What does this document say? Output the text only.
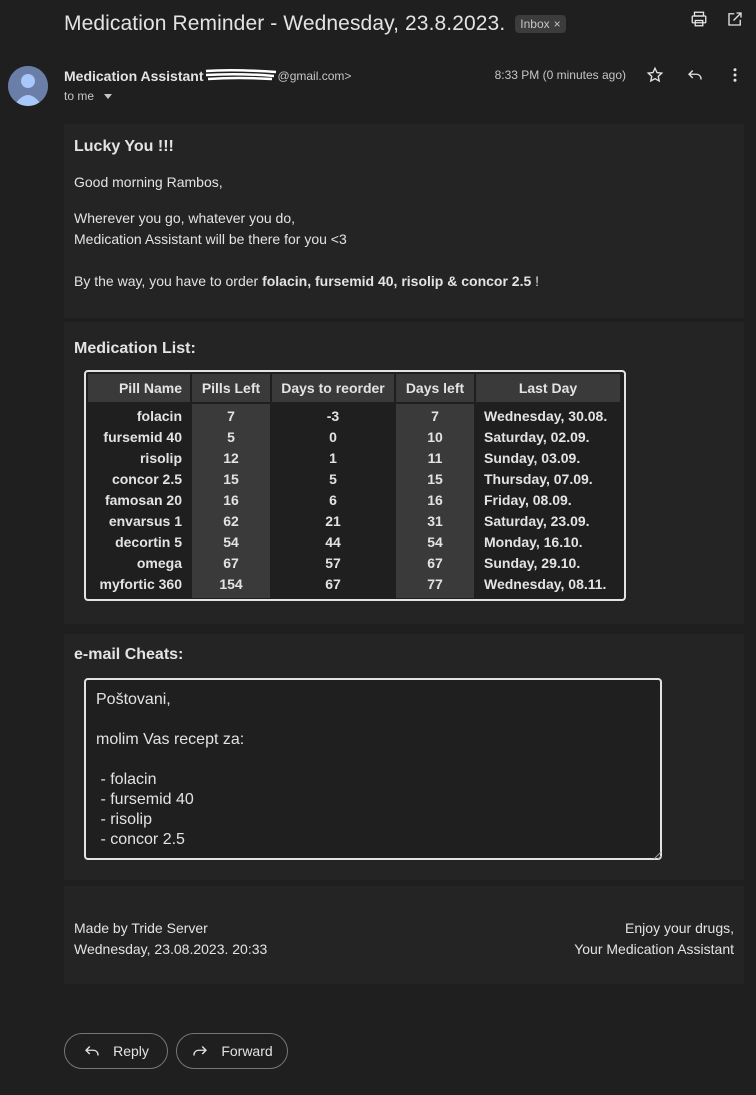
Medication Reminder - Wednesday, 23.8.2023. Inbox ×
Medication Assistant	@gmail.com>
to me
8:33 PM (0 minutes ago)
Lucky You !!!
Good morning Rambos,
Wherever you go, whatever you do,
Medication Assistant will be there for you <3
By the way, you have to order folacin, fursemid 40, risolip & concor 2.5 !
Medication List:
Pill Name	Pills Left	Days to reorder	Days left	Last Day
folacin	7	-3	7	Wednesday, 30.08.
fursemid 40	5	0	10	Saturday, 02.09.
risolip	12	1	11	Sunday, 03.09.
concor 2.5	15	5	15	Thursday, 07.09.
famosan 20	16	6	16	Friday, 08.09.
envarsus 1	62	21	31	Saturday, 23.09.
decortin 5	54	44	54	Monday, 16.10.
omega	67	57	67	Sunday, 29.10.
myfortic 360	154	67	77	Wednesday, 08.11.
e-mail Cheats:
Poštovani,

molim Vas recept za:

- folacin
- fursemid 40
- risolip
- concor 2.5
Made by Tride Server
Wednesday, 23.08.2023. 20:33
Enjoy your drugs,
Your Medication Assistant
Reply	Forward
